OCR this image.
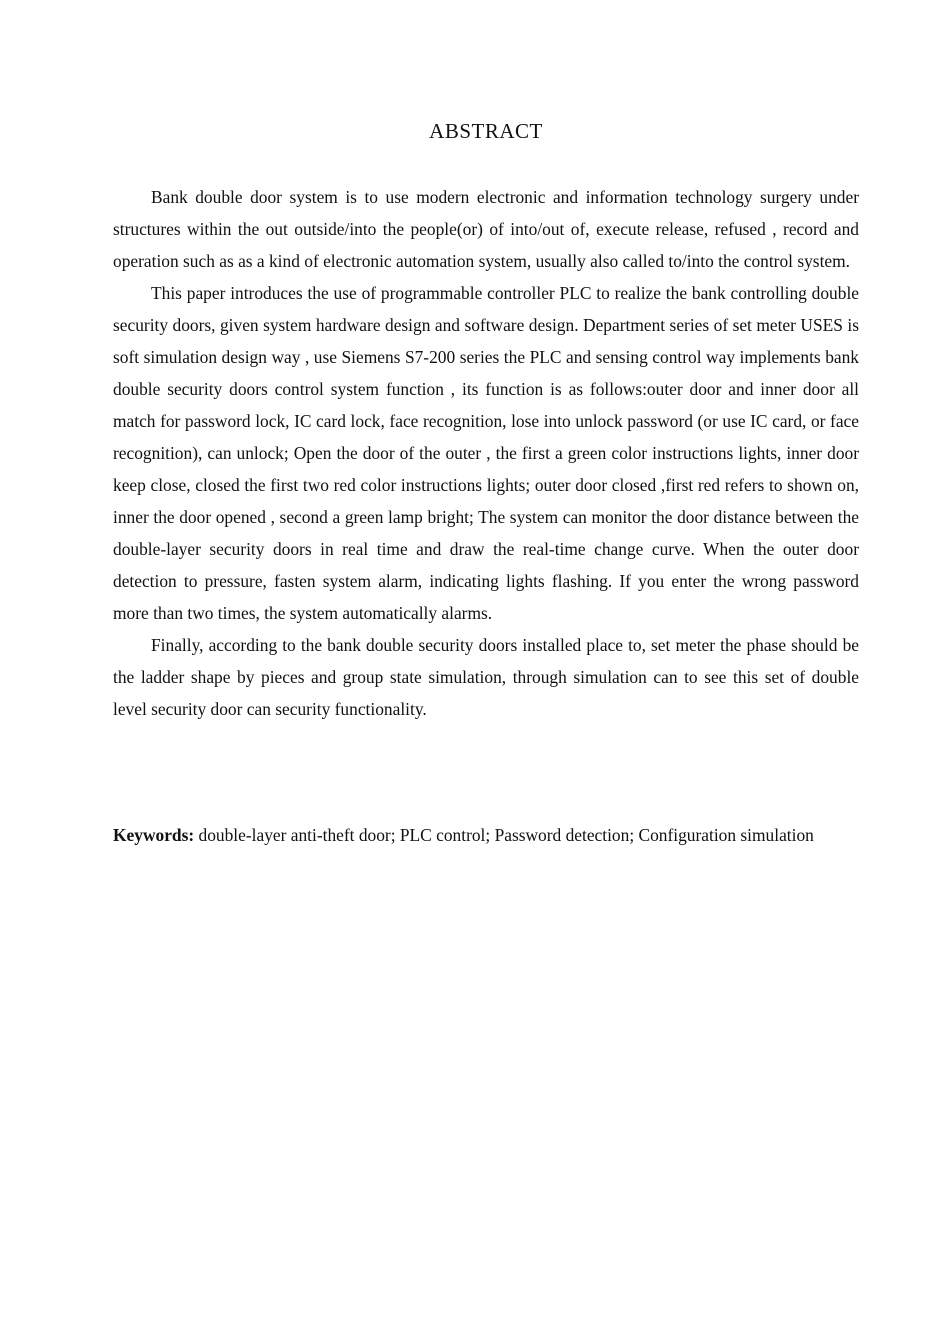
ABSTRACT

Bank double door system is to use modern electronic and information technology surgery under structures within the out outside/into the people(or) of into/out of, execute release, refused , record and operation such as as a kind of electronic automation system, usually also called to/into the control system.

This paper introduces the use of programmable controller PLC to realize the bank controlling double security doors, given system hardware design and software design. Department series of set meter USES is soft simulation design way , use Siemens S7-200 series the PLC and sensing control way implements bank double security doors control system function , its function is as follows:outer door and inner door all match for password lock, IC card lock, face recognition, lose into unlock password (or use IC card, or face recognition), can unlock; Open the door of the outer , the first a green color instructions lights, inner door keep close, closed the first two red color instructions lights; outer door closed ,first red refers to shown on, inner the door opened , second a green lamp bright; The system can monitor the door distance between the double-layer security doors in real time and draw the real-time change curve. When the outer door detection to pressure, fasten system alarm, indicating lights flashing. If you enter the wrong password more than two times, the system automatically alarms.

Finally, according to the bank double security doors installed place to, set meter the phase should be the ladder shape by pieces and group state simulation, through simulation can to see this set of double level security door can security functionality.

Keywords: double-layer anti-theft door; PLC control; Password detection; Configuration simulation
